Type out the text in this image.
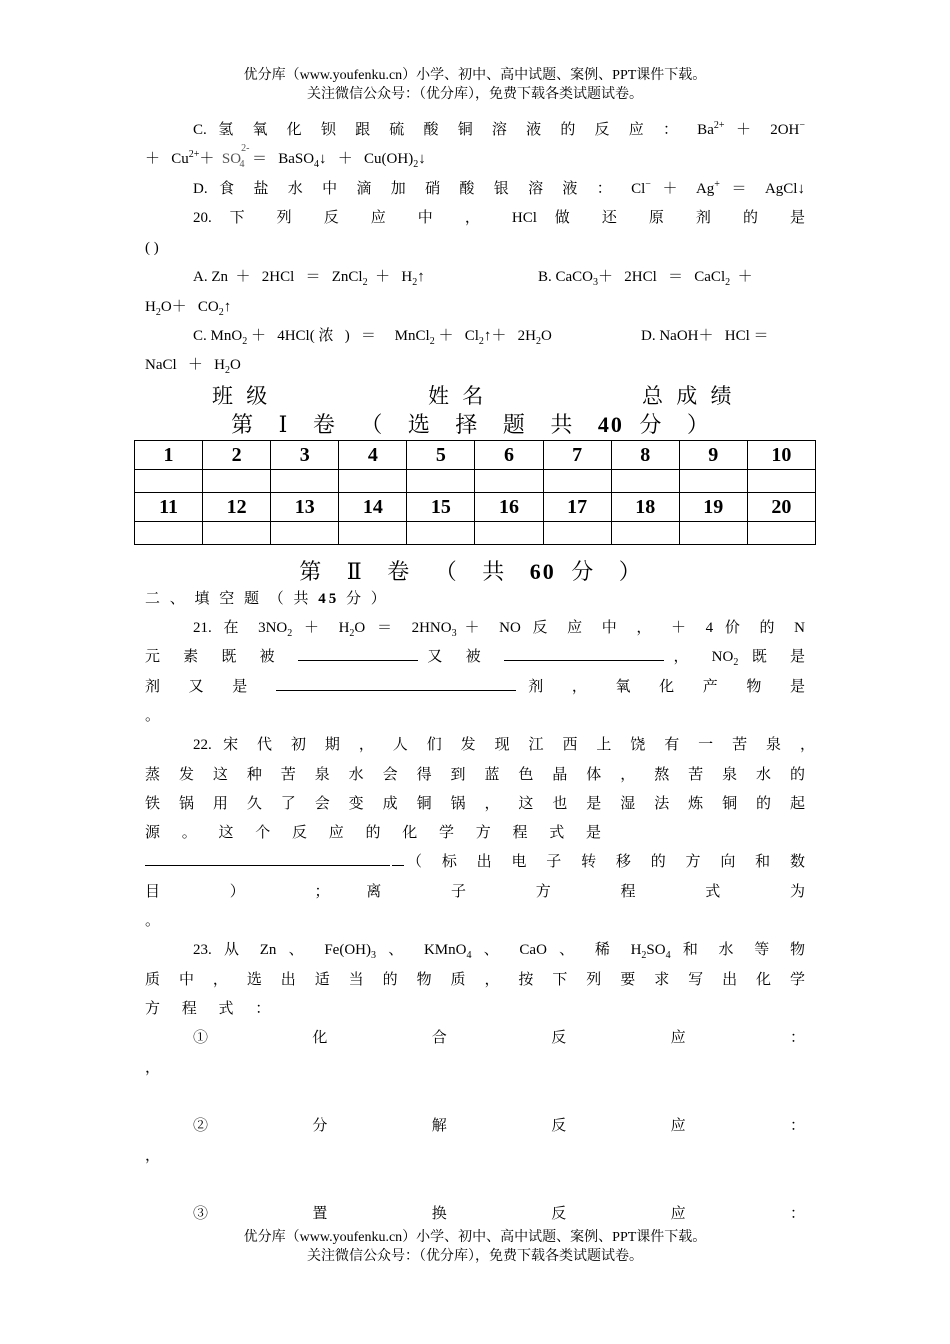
优分库（www.youfenku.cn）小学、初中、高中试题、案例、PPT课件下载。
关注微信公众号：（优分库），免费下载各类试题试卷。
C. 氢 氧 化 钡 跟 硫 酸 铜 溶 液 的 反 应 ： $Ba^{2+} + 2OH^-$
＋   $Cu^{2+}+ SO^{2-}_4$  ＝   BaSO$_4$↓   ＋   $Cu(OH)_2↓$
D. 食 盐 水 中 滴 加 硝 酸 银 溶 液 ： Cl− ＋ Ag+ ＝ AgCl↓
20. 下 列 反 应 中 ， HCl 做 还 原 剂 的 是
( )
A. Zn  ＋   2HCl   ＝   ZnCl$_2$  ＋   $H_2↑$	B. CaCO$_3$＋   2HCl   ＝   CaCl$_2$  ＋
$H_2O+$   $CO_2↑$
C. MnO$_2$ ＋   4HCl( 浓   )   ＝     MnCl$_2$ ＋   $Cl_2↑+ 2H_2O$	D. NaOH＋   HCl ＝
NaCl   ＋   $H_2O$
班 级	姓 名	总 成 绩
第 Ⅰ 卷 （ 选 择 题 共 40 分 ）
1	2	3	4	5	6	7	8	9	10

11	12	13	14	15	16	17	18	19	20

第 Ⅱ 卷 （ 共 60 分 ）
二 、 填 空 题 （ 共 45 分 ）
21. 在 $3NO_2 + H_2O = 2HNO_3+$ NO 反 应 中 ， ＋ 4 价 的 N
元 素 既 被	又 被	， $NO_2$ 既 是
剂 又 是	剂 ， 氧 化 产 物 是
。
22. 宋 代 初 期 ， 人 们 发 现 江 西 上 饶 有 一 苦 泉 ，
蒸 发 这 种 苦 泉 水 会 得 到 蓝 色 晶 体 ， 熬 苦 泉 水 的
铁 锅 用 久 了 会 变 成 铜 锅 ， 这 也 是 湿 法 炼 铜 的 起
源 。 这 个 反 应 的 化 学 方 程 式 是
（ 标 出 电 子 转 移 的 方 向 和 数
目 ） ； 离 子 方 程 式 为
。
23. 从 Zn 、 $Fe(OH)_3$ 、 KMnO$_4$ 、 CaO 、 稀 $H_2SO_4$ 和 水 等 物
质 中 ， 选 出 适 当 的 物 质 ， 按 下 列 要 求 写 出 化 学
方 程 式 ：
① 化 合 反 应 ：
，
② 分 解 反 应 ：
，
③ 置 换 反 应 ：
优分库（www.youfenku.cn）小学、初中、高中试题、案例、PPT课件下载。
关注微信公众号：（优分库），免费下载各类试题试卷。
